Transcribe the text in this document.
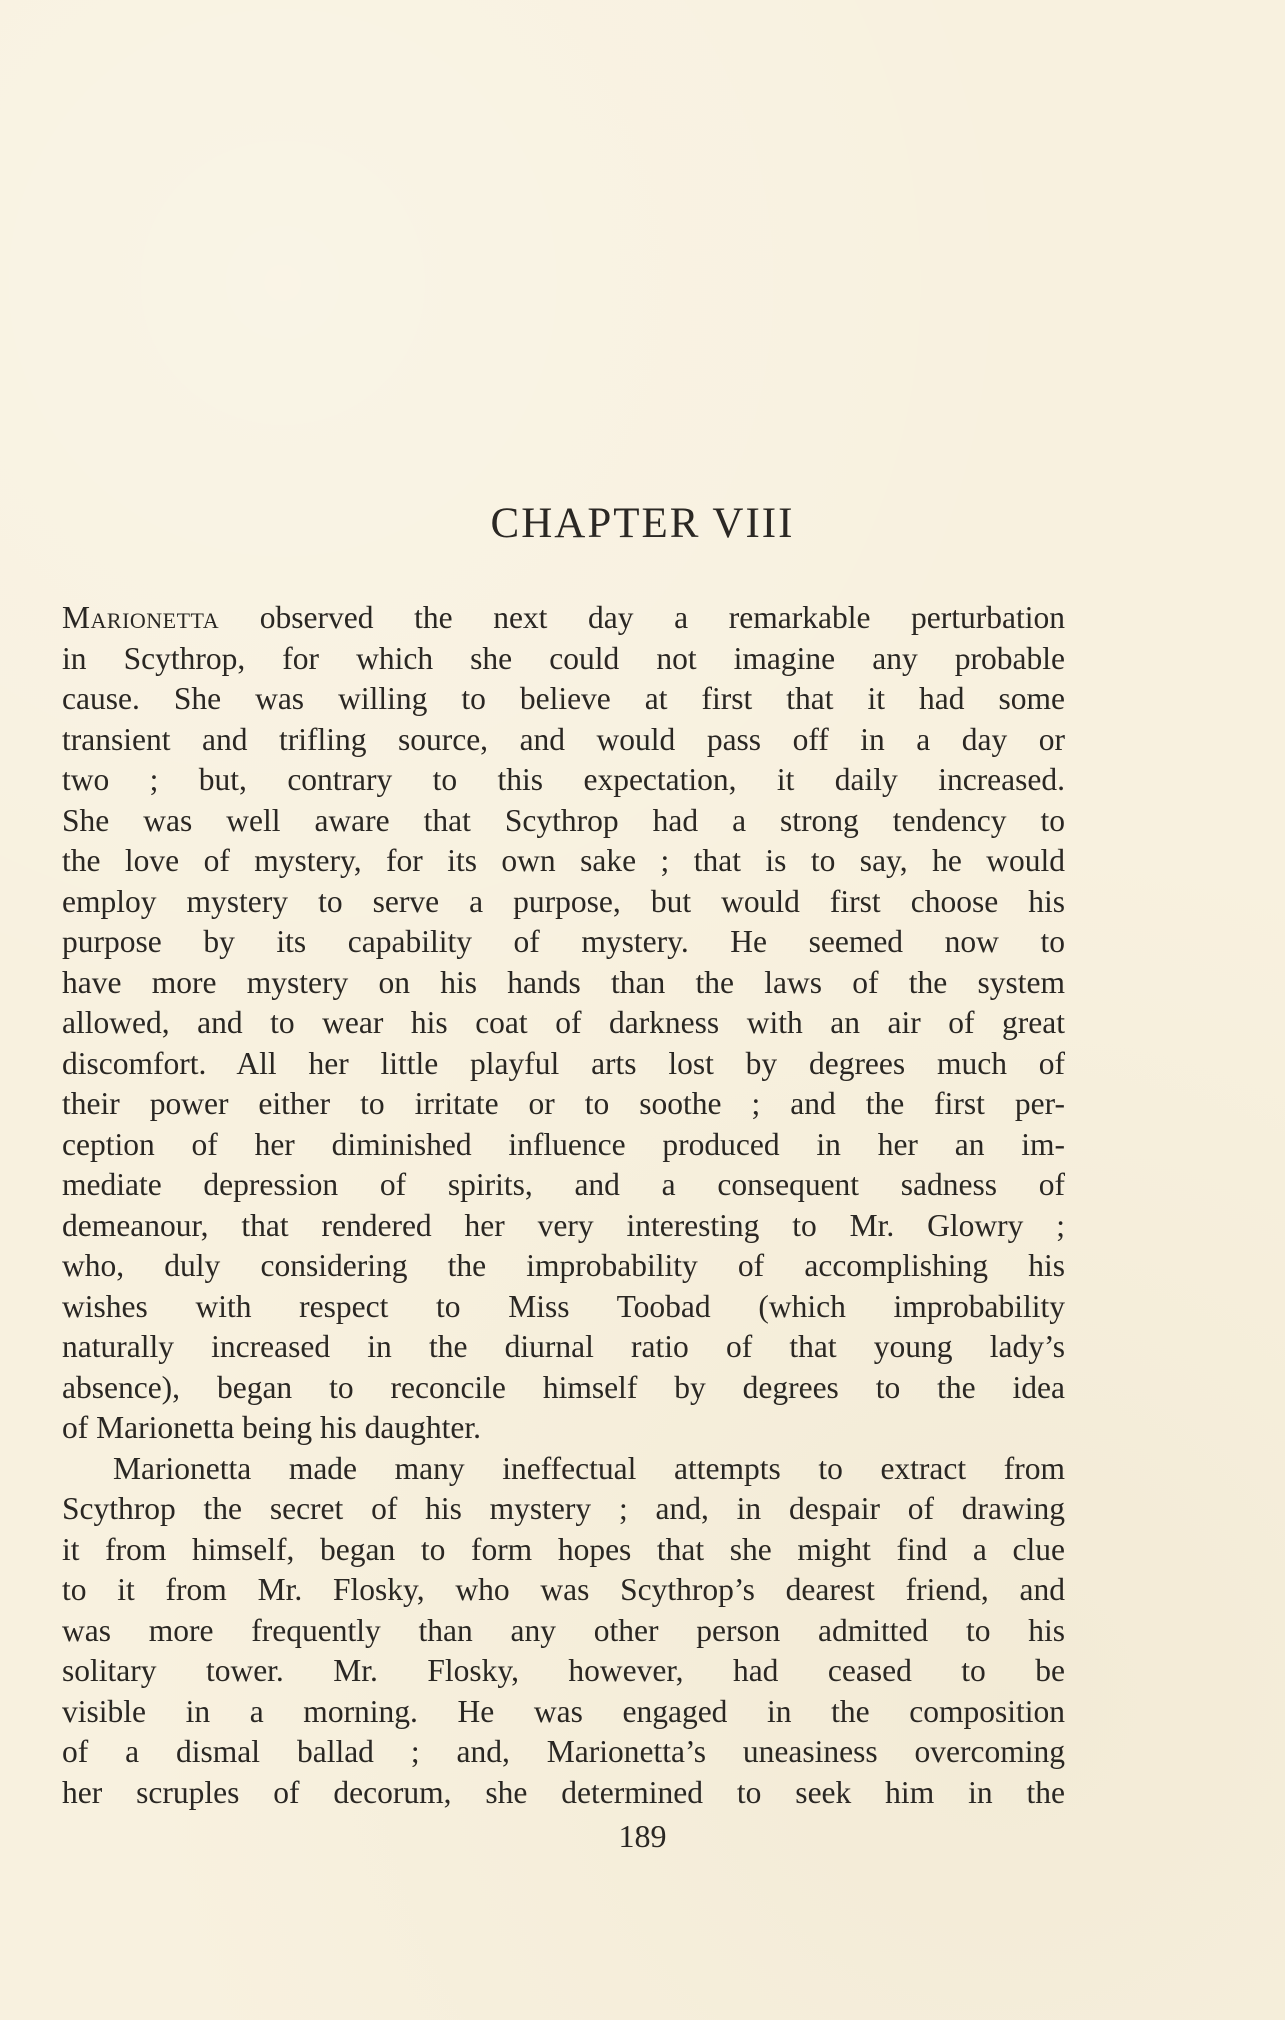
CHAPTER VIII
Marionetta observed the next day a remarkable perturbation
in Scythrop, for which she could not imagine any probable
cause. She was willing to believe at first that it had some
transient and trifling source, and would pass off in a day or
two ; but, contrary to this expectation, it daily increased.
She was well aware that Scythrop had a strong tendency to
the love of mystery, for its own sake ; that is to say, he would
employ mystery to serve a purpose, but would first choose his
purpose by its capability of mystery. He seemed now to
have more mystery on his hands than the laws of the system
allowed, and to wear his coat of darkness with an air of great
discomfort. All her little playful arts lost by degrees much of
their power either to irritate or to soothe ; and the first per-
ception of her diminished influence produced in her an im-
mediate depression of spirits, and a consequent sadness of
demeanour, that rendered her very interesting to Mr. Glowry ;
who, duly considering the improbability of accomplishing his
wishes with respect to Miss Toobad (which improbability
naturally increased in the diurnal ratio of that young lady’s
absence), began to reconcile himself by degrees to the idea
of Marionetta being his daughter.
Marionetta made many ineffectual attempts to extract from
Scythrop the secret of his mystery ; and, in despair of drawing
it from himself, began to form hopes that she might find a clue
to it from Mr. Flosky, who was Scythrop’s dearest friend, and
was more frequently than any other person admitted to his
solitary tower. Mr. Flosky, however, had ceased to be
visible in a morning. He was engaged in the composition
of a dismal ballad ; and, Marionetta’s uneasiness overcoming
her scruples of decorum, she determined to seek him in the
189
